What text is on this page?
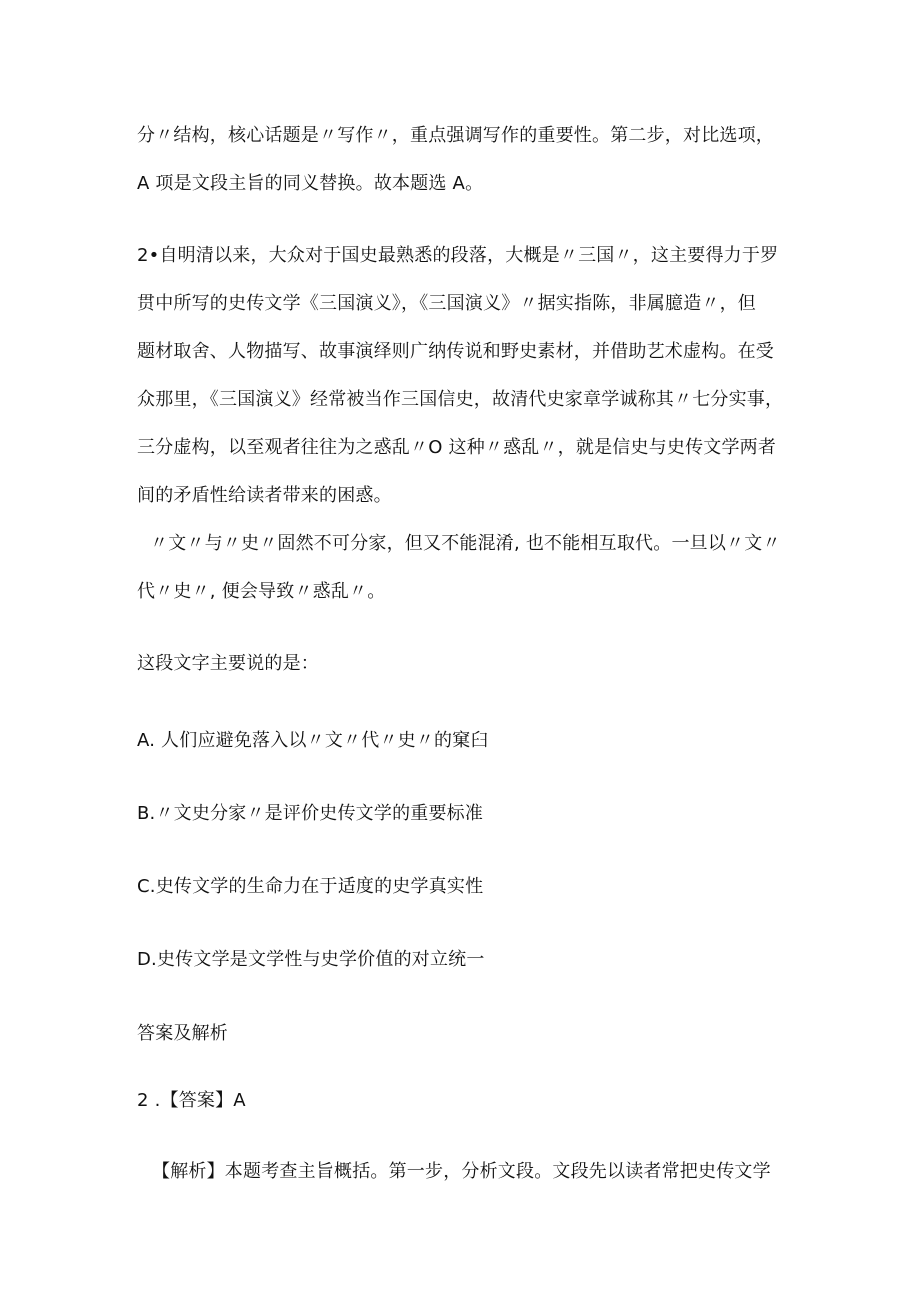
分〃结构，核心话题是〃写作〃，重点强调写作的重要性。第二步，对比选项，
A 项是文段主旨的同义替换。故本题选 A。
2•自明清以来，大众对于国史最熟悉的段落，大概是〃三国〃，这主要得力于罗
贯中所写的史传文学《三国演义》，《三国演义》〃据实指陈，非属臆造〃，但
题材取舍、人物描写、故事演绎则广纳传说和野史素材，并借助艺术虚构。在受
众那里，《三国演义》经常被当作三国信史，故清代史家章学诚称其〃七分实事，
三分虚构，以至观者往往为之惑乱〃O 这种〃惑乱〃，就是信史与史传文学两者
间的矛盾性给读者带来的困惑。
〃文〃与〃史〃固然不可分家，但又不能混淆, 也不能相互取代。一旦以〃文〃
代〃史〃, 便会导致〃惑乱〃。
这段文字主要说的是：
A. 人们应避免落入以〃文〃代〃史〃的窠臼
B.〃文史分家〃是评价史传文学的重要标准
C.史传文学的生命力在于适度的史学真实性
D.史传文学是文学性与史学价值的对立统一
答案及解析
2 .【答案】A
【解析】本题考查主旨概括。第一步，分析文段。文段先以读者常把史传文学
